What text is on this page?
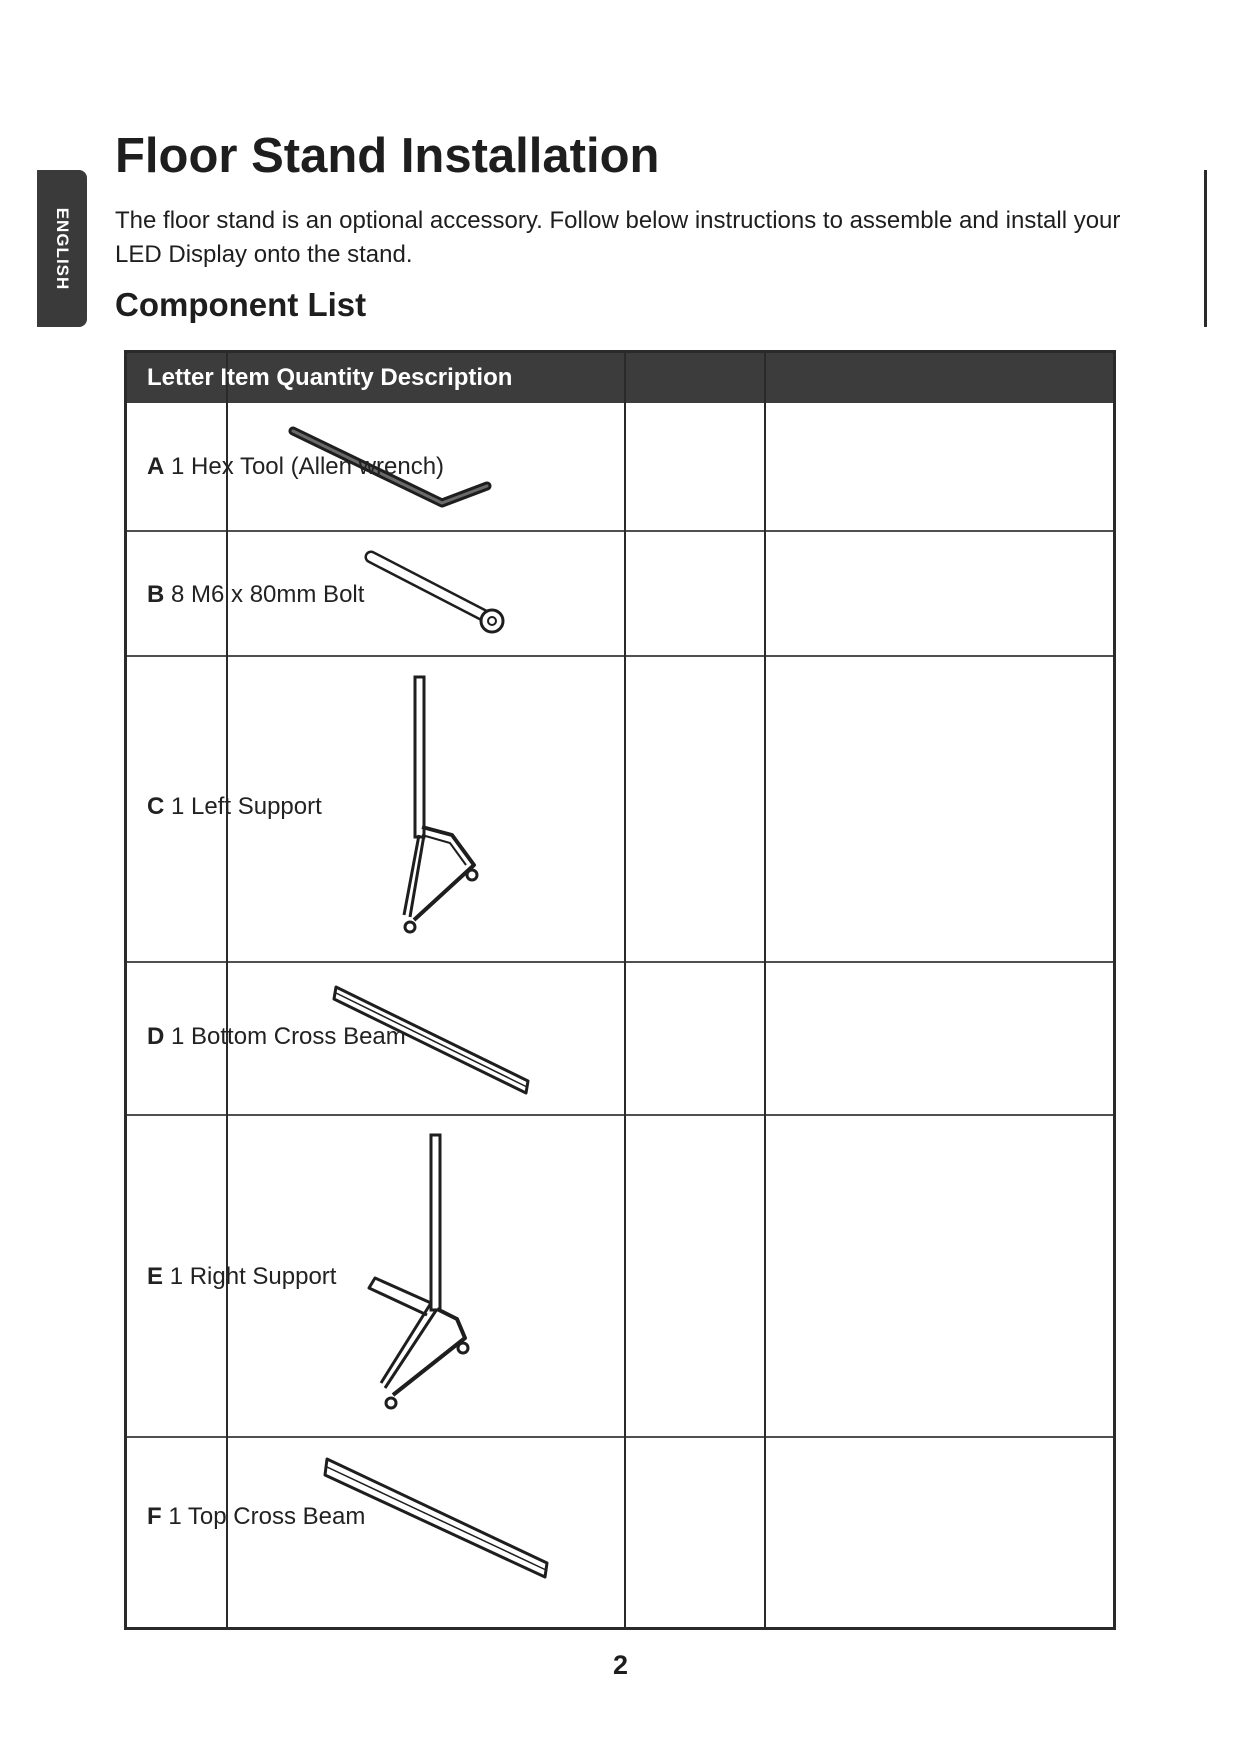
ENGLISH
Floor Stand Installation

The floor stand is an optional accessory. Follow below instructions to assemble and install your LED Display onto the stand.

Component List
Letter Item Quantity Description
A 1 Hex Tool (Allen wrench)
B 8 M6 x 80mm Bolt
C 1 Left Support
D 1 Bottom Cross Beam
E 1 Right Support
F 1 Top Cross Beam
2
